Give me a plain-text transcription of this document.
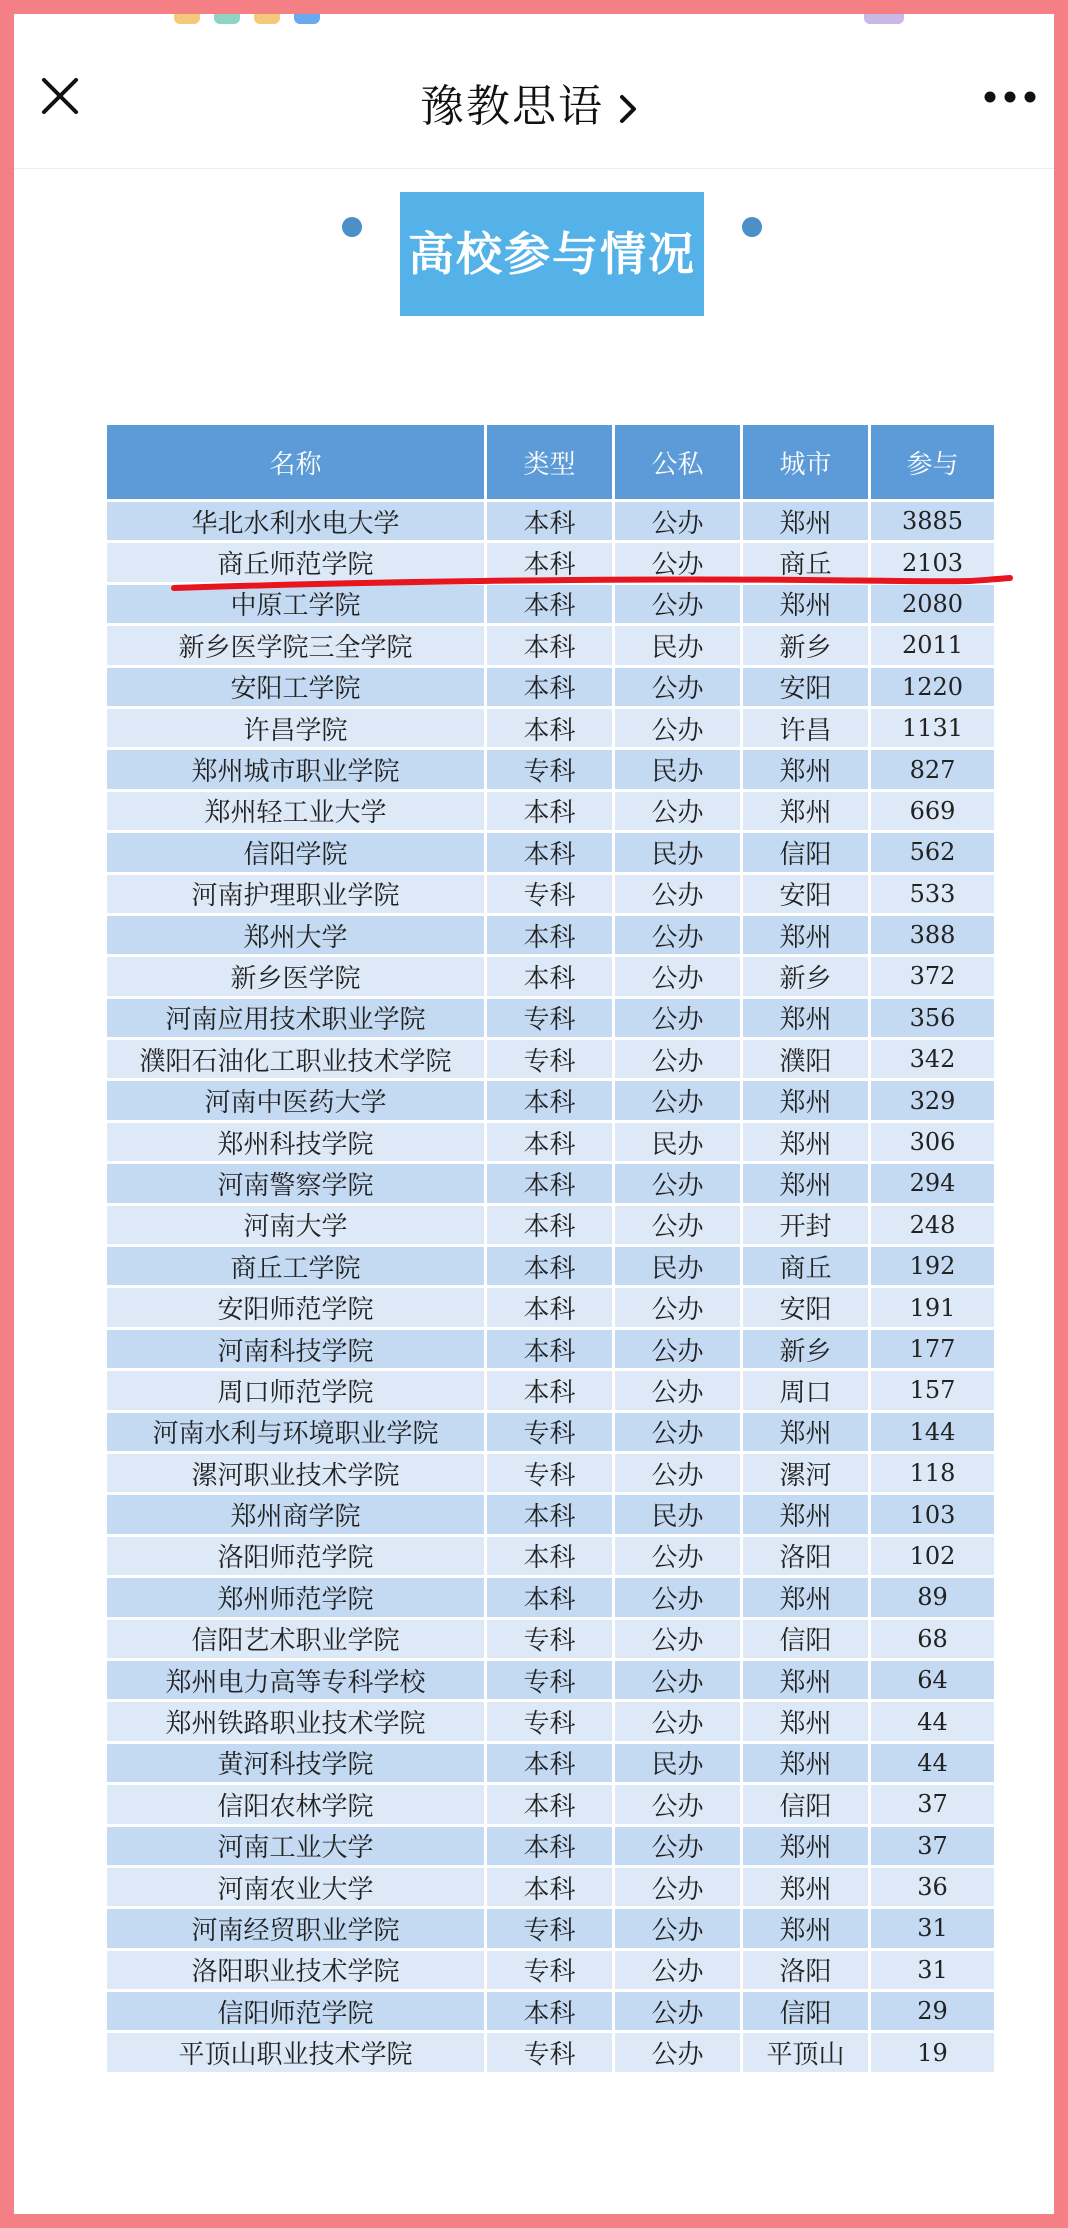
豫教思语
高校参与情况
名称	类型	公私	城市	参与
华北水利水电大学	本科	公办	郑州	3885
商丘师范学院	本科	公办	商丘	2103
中原工学院	本科	公办	郑州	2080
新乡医学院三全学院	本科	民办	新乡	2011
安阳工学院	本科	公办	安阳	1220
许昌学院	本科	公办	许昌	1131
郑州城市职业学院	专科	民办	郑州	827
郑州轻工业大学	本科	公办	郑州	669
信阳学院	本科	民办	信阳	562
河南护理职业学院	专科	公办	安阳	533
郑州大学	本科	公办	郑州	388
新乡医学院	本科	公办	新乡	372
河南应用技术职业学院	专科	公办	郑州	356
濮阳石油化工职业技术学院	专科	公办	濮阳	342
河南中医药大学	本科	公办	郑州	329
郑州科技学院	本科	民办	郑州	306
河南警察学院	本科	公办	郑州	294
河南大学	本科	公办	开封	248
商丘工学院	本科	民办	商丘	192
安阳师范学院	本科	公办	安阳	191
河南科技学院	本科	公办	新乡	177
周口师范学院	本科	公办	周口	157
河南水利与环境职业学院	专科	公办	郑州	144
漯河职业技术学院	专科	公办	漯河	118
郑州商学院	本科	民办	郑州	103
洛阳师范学院	本科	公办	洛阳	102
郑州师范学院	本科	公办	郑州	89
信阳艺术职业学院	专科	公办	信阳	68
郑州电力高等专科学校	专科	公办	郑州	64
郑州铁路职业技术学院	专科	公办	郑州	44
黄河科技学院	本科	民办	郑州	44
信阳农林学院	本科	公办	信阳	37
河南工业大学	本科	公办	郑州	37
河南农业大学	本科	公办	郑州	36
河南经贸职业学院	专科	公办	郑州	31
洛阳职业技术学院	专科	公办	洛阳	31
信阳师范学院	本科	公办	信阳	29
平顶山职业技术学院	专科	公办	平顶山	19
